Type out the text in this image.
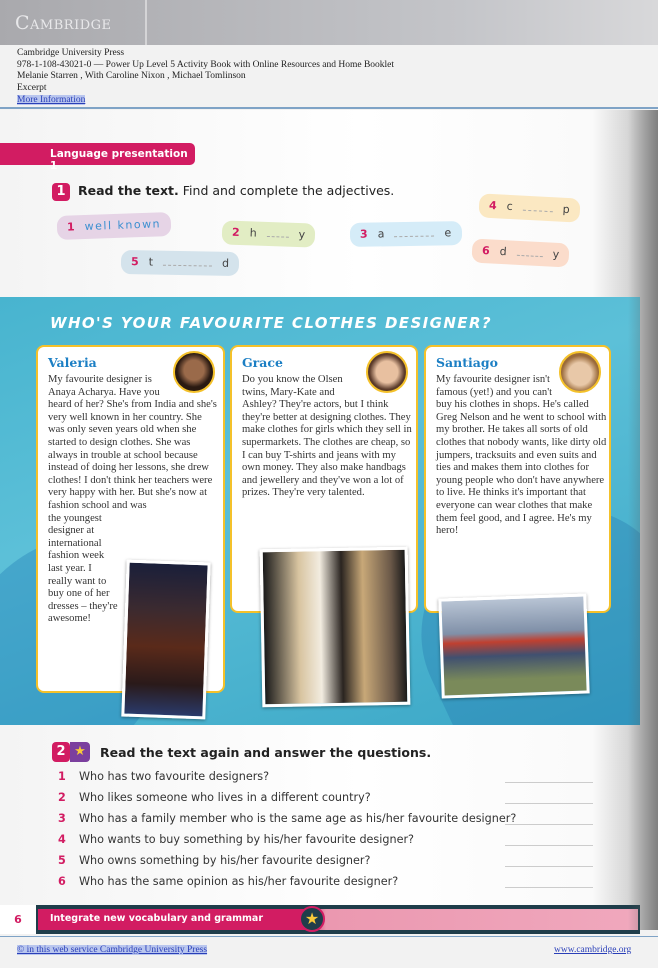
Cambridge
Cambridge University Press
978-1-108-43021-0 — Power Up Level 5 Activity Book with Online Resources and Home Booklet
Melanie Starren , With Caroline Nixon , Michael Tomlinson
Excerpt
More Information
Language presentation 1
1 Read the text. Find and complete the adjectives.
1 well known	2 h	y	3 a	e
4 c	p
5 t	d
6 d	y
WHO'S YOUR FAVOURITE CLOTHES DESIGNER?
Valeria

My favourite designer is Anaya Acharya. Have you heard of her? She's from India and she's very well known in her country. She was only seven years old when she started to design clothes. She was always in trouble at school because instead of doing her lessons, she drew clothes! I don't think her teachers were very happy with her. But she's now at fashion school and was

the youngest designer at international fashion week last year. I really want to buy one of her dresses – they're awesome!

Grace

Do you know the Olsen twins, Mary-Kate and Ashley? They're actors, but I think they're better at designing clothes. They make clothes for girls which they sell in supermarkets. The clothes are cheap, so I can buy T-shirts and jeans with my own money. They also make handbags and jewellery and they've won a lot of prizes. They're very talented.

Santiago

My favourite designer isn't famous (yet!) and you can't buy his clothes in shops. He's called Greg Nelson and he went to school with my brother. He takes all sorts of old clothes that nobody wants, like dirty old jumpers, tracksuits and even suits and ties and makes them into clothes for young people who don't have anywhere to live. He thinks it's important that everyone can wear clothes that make them feel good, and I agree. He's my hero!

2 ★	Read the text again and answer the questions.
1	Who has two favourite designers?
2	Who likes someone who lives in a different country?
3	Who has a family member who is the same age as his/her favourite designer?
4	Who wants to buy something by his/her favourite designer?
5	Who owns something by his/her favourite designer?
6	Who has the same opinion as his/her favourite designer?
6	Integrate new vocabulary and grammar	★
© in this web service Cambridge University Press	www.cambridge.org
